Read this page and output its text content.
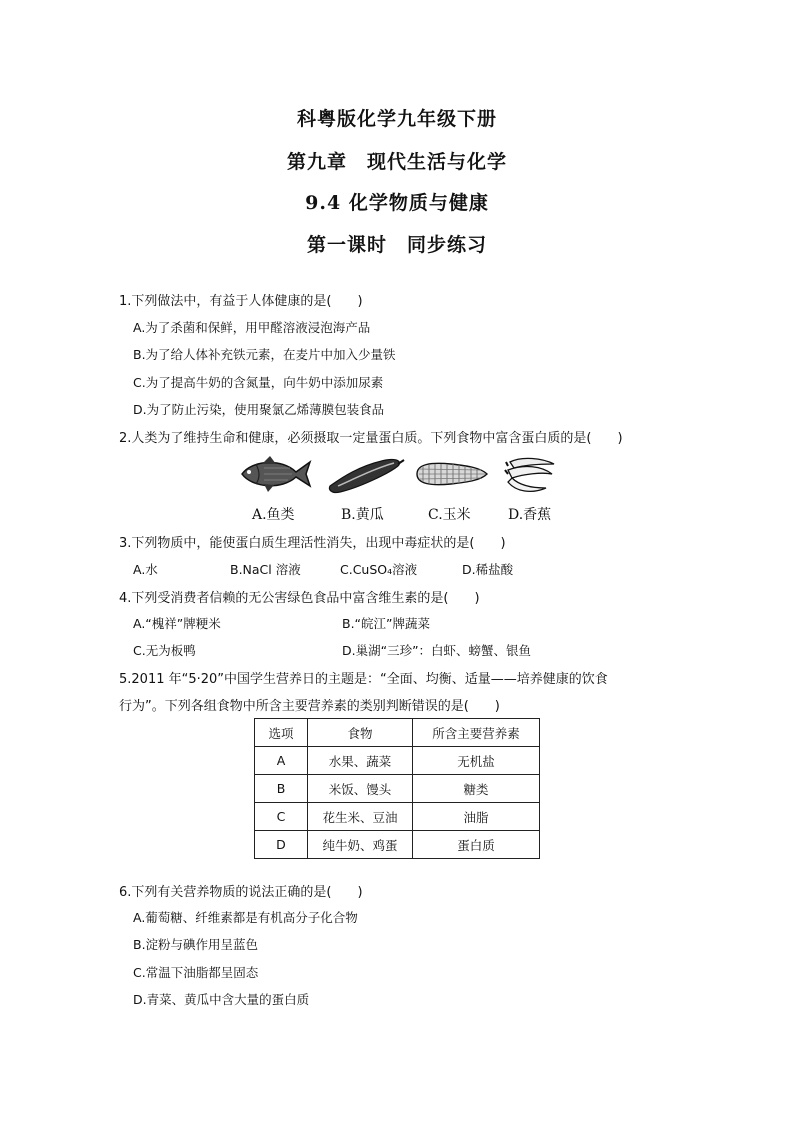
科粤版化学九年级下册
第九章　现代生活与化学
9.4 化学物质与健康
第一课时　同步练习
1.下列做法中，有益于人体健康的是(　　)
A.为了杀菌和保鲜，用甲醛溶液浸泡海产品
B.为了给人体补充铁元素，在麦片中加入少量铁
C.为了提高牛奶的含氮量，向牛奶中添加尿素
D.为了防止污染，使用聚氯乙烯薄膜包装食品
2.人类为了维持生命和健康，必须摄取一定量蛋白质。下列食物中富含蛋白质的是(　　)
A.鱼类	B.黄瓜	C.玉米	D.香蕉
3.下列物质中，能使蛋白质生理活性消失，出现中毒症状的是(　　)
A.水	B.NaCl 溶液	C.CuSO₄溶液	D.稀盐酸
4.下列受消费者信赖的无公害绿色食品中富含维生素的是(　　)
A.“槐祥”牌粳米	B.“皖江”牌蔬菜
C.无为板鸭	D.巢湖“三珍”：白虾、螃蟹、银鱼
5.2011 年“5·20”中国学生营养日的主题是：“全面、均衡、适量——培养健康的饮食
行为”。下列各组食物中所含主要营养素的类别判断错误的是(　　)
选项	食物	所含主要营养素
A	水果、蔬菜	无机盐
B	米饭、馒头	糖类
C	花生米、豆油	油脂
D	纯牛奶、鸡蛋	蛋白质
6.下列有关营养物质的说法正确的是(　　)
A.葡萄糖、纤维素都是有机高分子化合物
B.淀粉与碘作用呈蓝色
C.常温下油脂都呈固态
D.青菜、黄瓜中含大量的蛋白质
